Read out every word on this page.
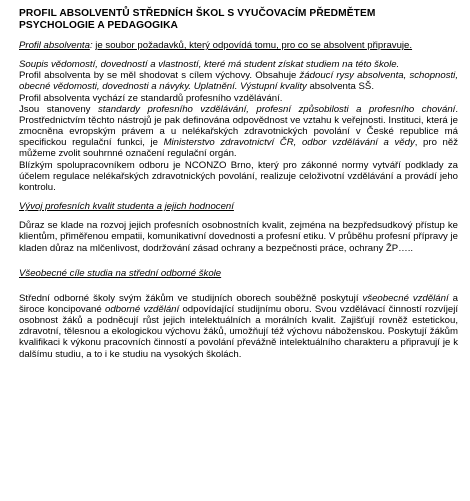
PROFIL ABSOLVENTŮ STŘEDNÍCH ŠKOL S VYUČOVACÍM PŘEDMĚTEM
PSYCHOLOGIE A PEDAGOGIKA

Profil absolventa: je soubor požadavků, který odpovídá tomu, pro co se absolvent připravuje.

Soupis vědomostí, dovedností a vlastností, které má student získat studiem na této škole.

Profil absolventa by se měl shodovat s cílem výchovy. Obsahuje žádoucí rysy absolventa, schopnosti, obecné vědomosti, dovednosti a návyky. Uplatnění. Výstupní kvality absolventa SŠ.

Profil absolventa vychází ze standardů profesního vzdělávání.

Jsou stanoveny standardy profesního vzdělávání, profesní způsobilosti a profesního chování. Prostřednictvím těchto nástrojů je pak definována odpovědnost ve vztahu k veřejnosti. Instituci, která je zmocněna evropským právem a u nelékařských zdravotnických povolání v České republice má specifickou regulační funkci, je Ministerstvo zdravotnictví ČR, odbor vzdělávání a vědy, pro něž můžeme zvolit souhrnné označení regulační orgán.

Blízkým spolupracovníkem odboru je NCONZO Brno, který pro zákonné normy vytváří podklady za účelem regulace nelékařských zdravotnických povolání, realizuje celoživotní vzdělávání a provádí jeho kontrolu.

Vývoj profesních kvalit studenta a jejich hodnocení

Důraz se klade na rozvoj jejich profesních osobnostních kvalit, zejména na bezpředsudkový přístup ke klientům, přiměřenou empatii, komunikativní dovednosti a profesní etiku. V průběhu profesní přípravy je kladen důraz na mlčenlivost, dodržování zásad ochrany a bezpečnosti práce, ochrany ŽP…..

Všeobecné cíle studia na střední odborné škole

Střední odborné školy svým žákům ve studijních oborech souběžně poskytují všeobecné vzdělání a široce koncipované odborné vzdělání odpovídající studijnímu oboru. Svou vzdělávací činností rozvíjejí osobnost žáků a podněcují růst jejich intelektuálních a morálních kvalit. Zajišťují rovněž estetickou, zdravotní, tělesnou a ekologickou výchovu žáků, umožňují též výchovu náboženskou. Poskytují žákům kvalifikaci k výkonu pracovních činností a povolání převážně intelektuálního charakteru a připravují je k dalšímu studiu, a to i ke studiu na vysokých školách.
